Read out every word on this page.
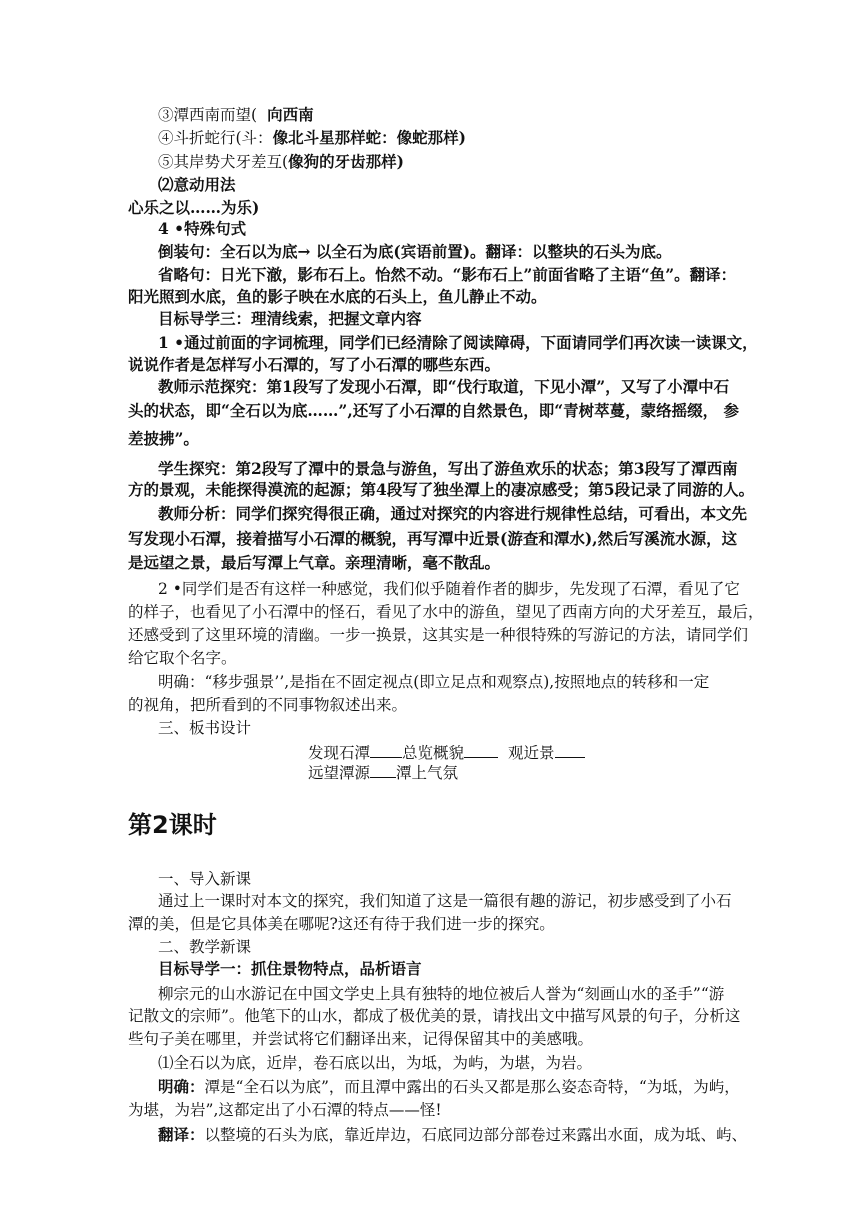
③潭西南而望( 向西南
④斗折蛇行(斗：像北斗星那样蛇：像蛇那样)
⑤其岸势犬牙差互(像狗的牙齿那样)
⑵意动用法
心乐之以……为乐)
4 •特殊句式
倒装句：全石以为底→ 以全石为底(宾语前置)。翻译：以整块的石头为底。
省略句：日光下澈，影布石上。怡然不动。“影布石上”前面省略了主语“鱼”。翻译：
阳光照到水底，鱼的影子映在水底的石头上，鱼儿静止不动。
目标导学三：理清线索，把握文章内容
1 •通过前面的字词梳理，同学们已经清除了阅读障碍，下面请同学们再次读一读课文，
说说作者是怎样写小石潭的，写了小石潭的哪些东西。
教师示范探究：第1段写了发现小石潭，即“伐行取道，下见小潭”，又写了小潭中石
头的状态，即“全石以为底……”,还写了小石潭的自然景色，即“青树萃蔓，蒙络摇缀， 参
差披拂”。
学生探究：第2段写了潭中的景急与游鱼，写出了游鱼欢乐的状态；第3段写了潭西南
方的景观，未能探得漠流的起源；第4段写了独坐潭上的凄凉感受；第5段记录了同游的人。
教师分析：同学们探究得很正确，通过对探究的内容进行规律性总结，可看出，本文先
写发现小石潭，接着描写小石潭的概貌，再写潭中近景(游查和潭水),然后写溪流水源，这
是远望之景，最后写潭上气章。亲理清晰，毫不散乱。
2 •同学们是否有这样一种感觉，我们似乎随着作者的脚步，先发现了石潭，看见了它
的样子，也看见了小石潭中的怪石，看见了水中的游鱼，望见了西南方向的犬牙差互，最后，
还感受到了这里环境的清幽。一步一换景，这其实是一种很特殊的写游记的方法，请同学们
给它取个名字。
明确：“移步强景’’,是指在不固定视点(即立足点和观察点),按照地点的转移和一定
的视角，把所看到的不同事物叙述出来。
三、板书设计
发现石潭 总览概貌	观近景
远望潭源 潭上气氛
第2课时
一、导入新课
通过上一课时对本文的探究，我们知道了这是一篇很有趣的游记，初步感受到了小石
潭的美，但是它具体美在哪呢?这还有待于我们进一步的探究。
二、教学新课
目标导学一：抓住景物特点，品析语言
柳宗元的山水游记在中国文学史上具有独特的地位被后人誉为“刻画山水的圣手”“游
记散文的宗师”。他笔下的山水，都成了极优美的景，请找出文中描写风景的句子，分析这
些句子美在哪里，并尝试将它们翻译出来，记得保留其中的美感哦。
⑴全石以为底，近岸，卷石底以出，为坻，为屿，为堪，为岩。
明确：潭是“全石以为底”，而且潭中露出的石头又都是那么姿态奇特，“为坻，为屿，
为堪，为岩”,这都定出了小石潭的特点——怪!
翻译：以整境的石头为底，靠近岸边，石底同边部分部卷过来露出水面，成为坻、屿、
